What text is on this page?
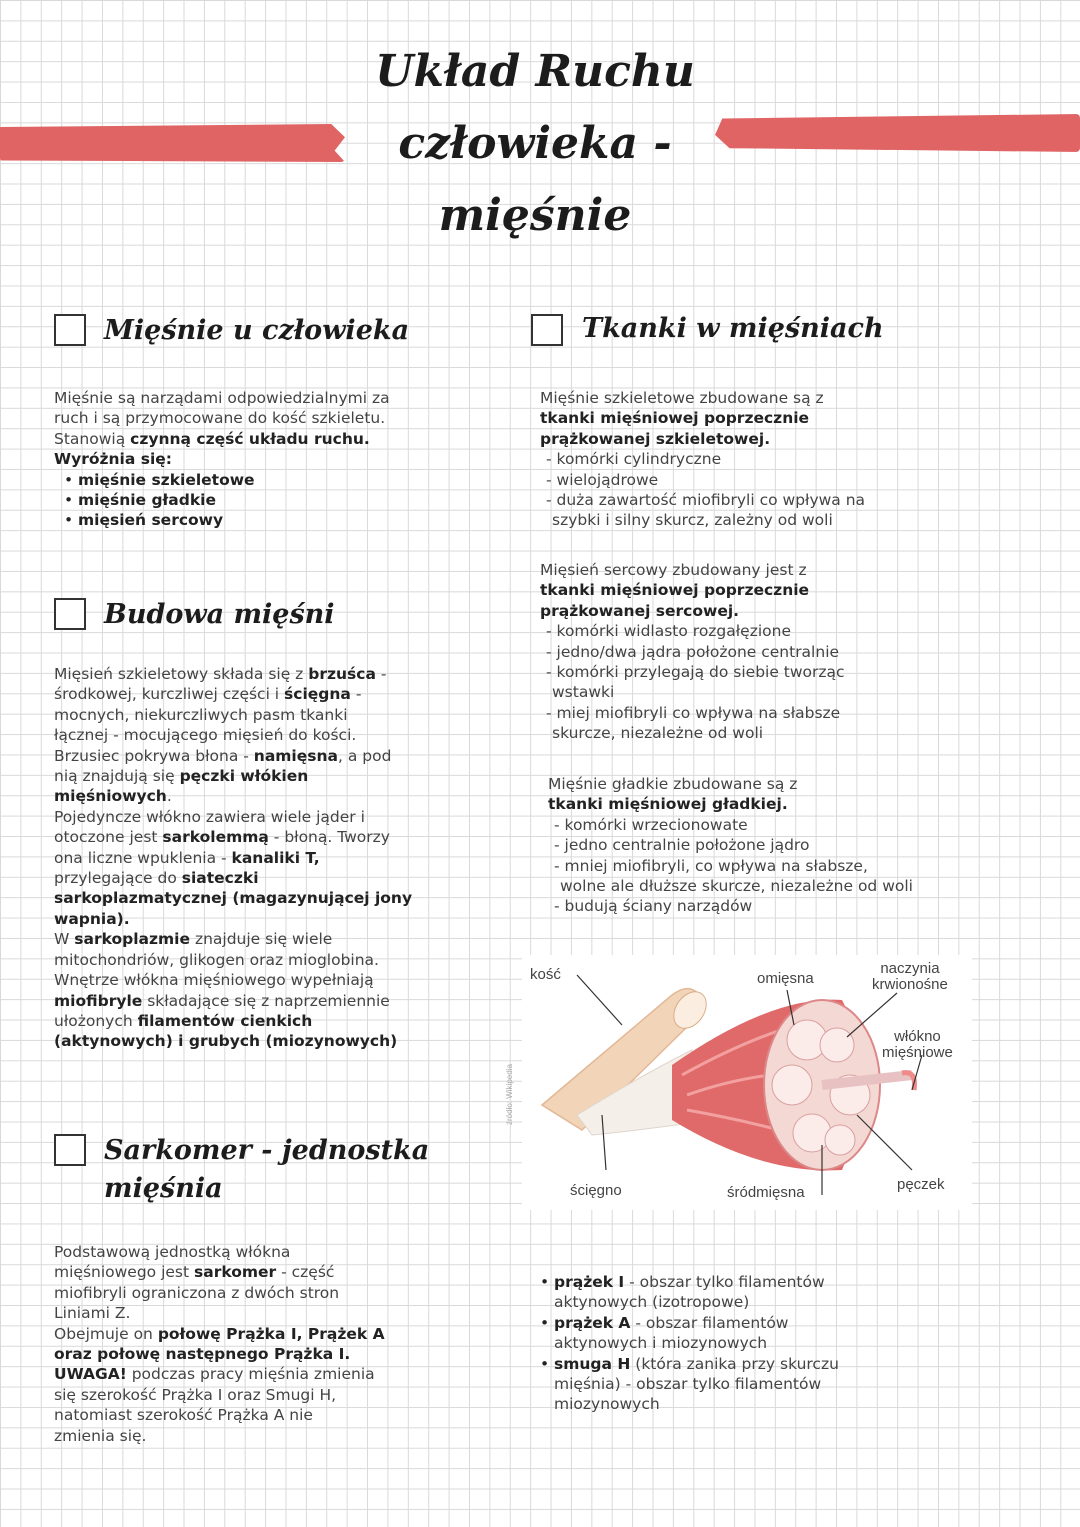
Układ Ruchu
człowieka -
mięśnie
Mięśnie u człowieka
Mięśnie są narządami odpowiedzialnymi za
ruch i są przymocowane do kość szkieletu.
Stanowią czynną część układu ruchu.
Wyróżnia się:
• mięśnie szkieletowe
• mięśnie gładkie
• mięsień sercowy
Budowa mięśni
Mięsień szkieletowy składa się z brzuśca -
środkowej, kurczliwej części i ścięgna -
mocnych, niekurczliwych pasm tkanki
łącznej - mocującego mięsień do kości.
Brzusiec pokrywa błona - namięsna, a pod
nią znajdują się pęczki włókien
mięśniowych.
Pojedyncze włókno zawiera wiele jąder i
otoczone jest sarkolemmą - błoną. Tworzy
ona liczne wpuklenia - kanaliki T,
przylegające do siateczki
sarkoplazmatycznej (magazynującej jony
wapnia).
W sarkoplazmie znajduje się wiele
mitochondriów, glikogen oraz mioglobina.
Wnętrze włókna mięśniowego wypełniają
miofibryle składające się z naprzemiennie
ułożonych filamentów cienkich
(aktynowych) i grubych (miozynowych)
Sarkomer - jednostka
mięśnia
Podstawową jednostką włókna
mięśniowego jest sarkomer - część
miofibryli ograniczona z dwóch stron
Liniami Z.
Obejmuje on połowę Prążka I, Prążek A
oraz połowę następnego Prążka I.
UWAGA! podczas pracy mięśnia zmienia
się szerokość Prążka I oraz Smugi H,
natomiast szerokość Prążka A nie
zmienia się.
Tkanki w mięśniach
Mięśnie szkieletowe zbudowane są z
tkanki mięśniowej poprzecznie
prążkowanej szkieletowej.
- komórki cylindryczne
- wielojądrowe
- duża zawartość miofibryli co wpływa na
szybki i silny skurcz, zależny od woli
Mięsień sercowy zbudowany jest z
tkanki mięśniowej poprzecznie
prążkowanej sercowej.
- komórki widlasto rozgałęzione
- jedno/dwa jądra położone centralnie
- komórki przylegają do siebie tworząc
wstawki
- miej miofibryli co wpływa na słabsze
skurcze, niezależne od woli
Mięśnie gładkie zbudowane są z
tkanki mięśniowej gładkiej.
- komórki wrzecionowate
- jedno centralnie położone jądro
- mniej miofibryli, co wpływa na słabsze,
wolne ale dłuższe skurcze, niezależne od woli
- budują ściany narządów
kość	omięsna
naczynia
krwionośne
włókno
mięśniowe
ścięgno	śródmięsna	pęczek
źródło: Wikipedia
• prążek I - obszar tylko filamentów
aktynowych (izotropowe)
• prążek A - obszar filamentów
aktynowych i miozynowych
• smuga H (która zanika przy skurczu
mięśnia) - obszar tylko filamentów
miozynowych
